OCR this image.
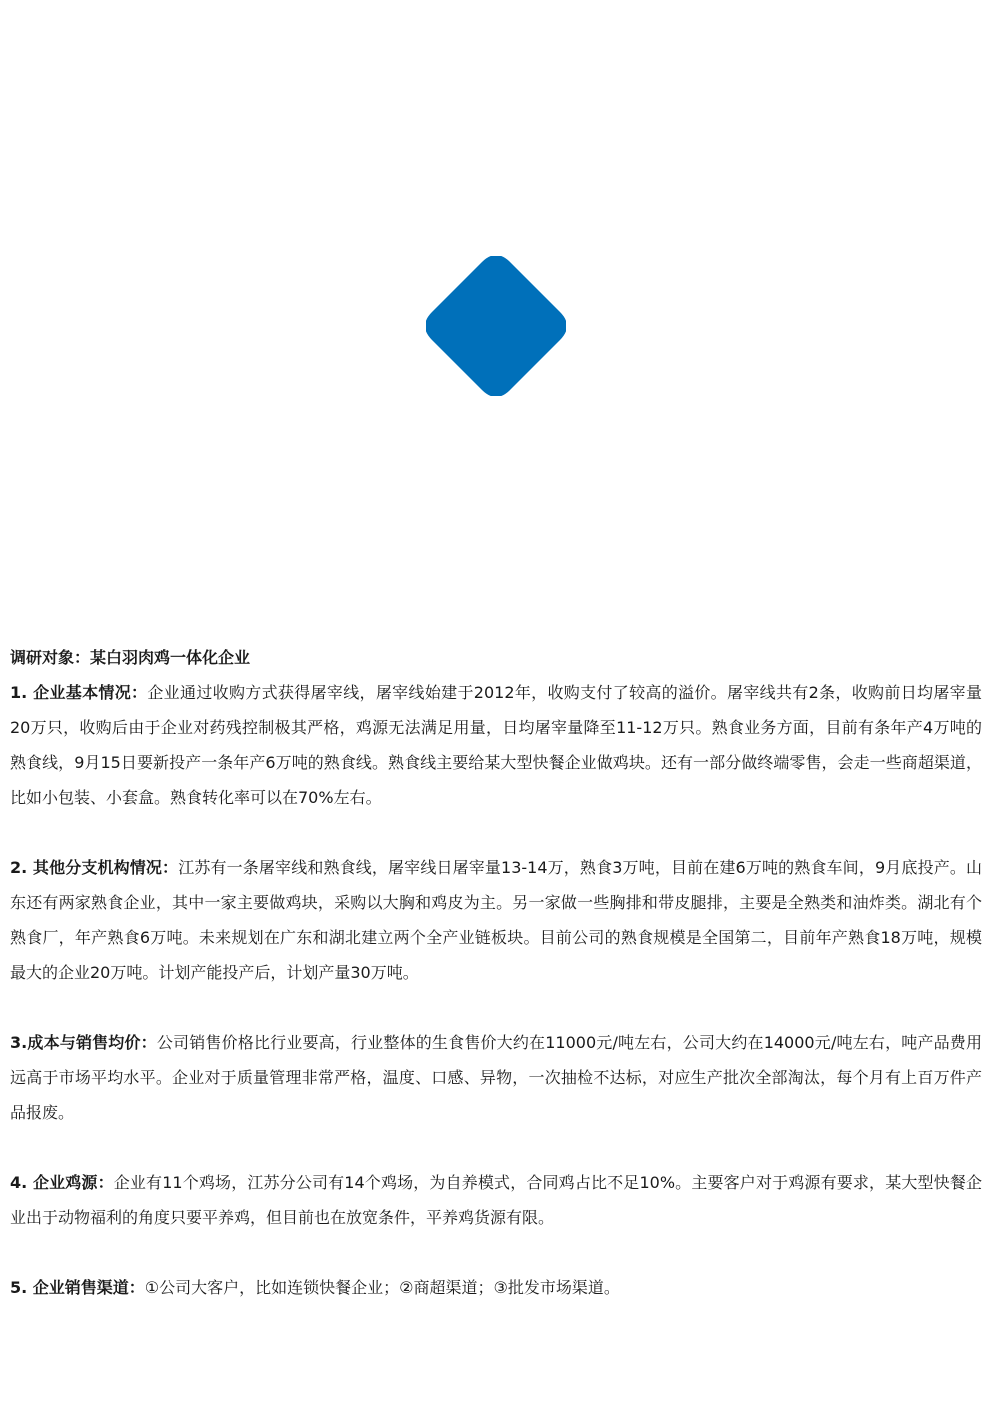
调研对象：某白羽肉鸡一体化企业

1. 企业基本情况：企业通过收购方式获得屠宰线，屠宰线始建于2012年，收购支付了较高的溢价。屠宰线共有2条，收购前日均屠宰量20万只，收购后由于企业对药残控制极其严格，鸡源无法满足用量，日均屠宰量降至11-12万只。熟食业务方面，目前有条年产4万吨的熟食线，9月15日要新投产一条年产6万吨的熟食线。熟食线主要给某大型快餐企业做鸡块。还有一部分做终端零售，会走一些商超渠道，比如小包装、小套盒。熟食转化率可以在70%左右。

2. 其他分支机构情况：江苏有一条屠宰线和熟食线，屠宰线日屠宰量13-14万，熟食3万吨，目前在建6万吨的熟食车间，9月底投产。山东还有两家熟食企业，其中一家主要做鸡块，采购以大胸和鸡皮为主。另一家做一些胸排和带皮腿排，主要是全熟类和油炸类。湖北有个熟食厂，年产熟食6万吨。未来规划在广东和湖北建立两个全产业链板块。目前公司的熟食规模是全国第二，目前年产熟食18万吨，规模最大的企业20万吨。计划产能投产后，计划产量30万吨。

3.成本与销售均价：公司销售价格比行业要高，行业整体的生食售价大约在11000元/吨左右，公司大约在14000元/吨左右，吨产品费用远高于市场平均水平。企业对于质量管理非常严格，温度、口感、异物，一次抽检不达标，对应生产批次全部淘汰，每个月有上百万件产品报废。

4. 企业鸡源：企业有11个鸡场，江苏分公司有14个鸡场，为自养模式，合同鸡占比不足10%。主要客户对于鸡源有要求，某大型快餐企业出于动物福利的角度只要平养鸡，但目前也在放宽条件，平养鸡货源有限。

5. 企业销售渠道：①公司大客户，比如连锁快餐企业；②商超渠道；③批发市场渠道。
